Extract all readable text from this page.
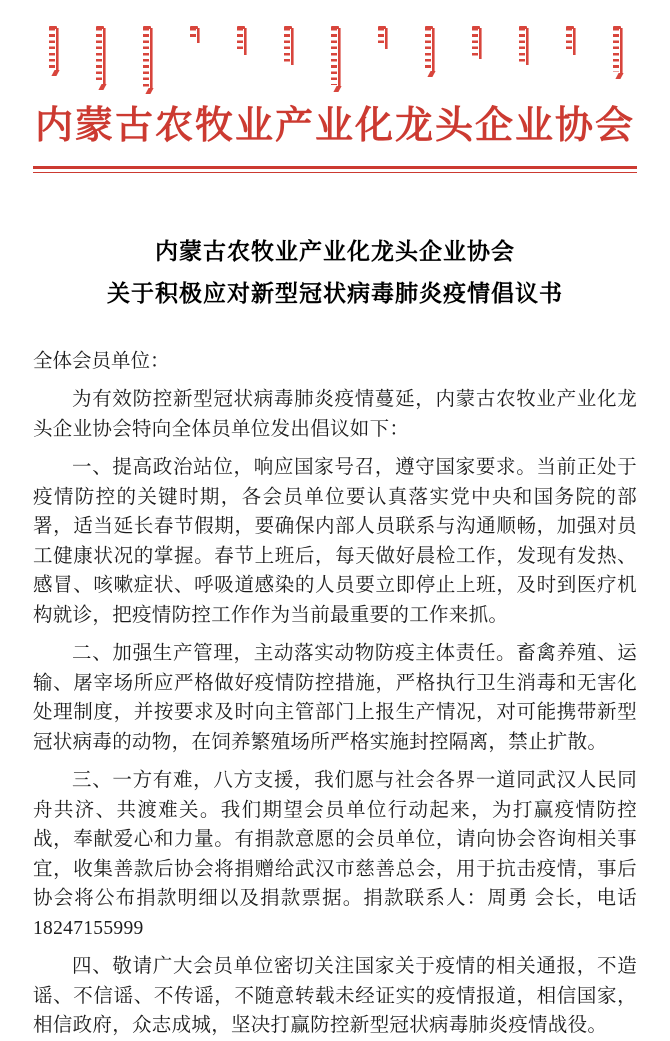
内蒙古农牧业产业化龙头企业协会
内蒙古农牧业产业化龙头企业协会
关于积极应对新型冠状病毒肺炎疫情倡议书

全体会员单位：

为有效防控新型冠状病毒肺炎疫情蔓延，内蒙古农牧业产业化龙头企业协会特向全体员单位发出倡议如下：

一、提高政治站位，响应国家号召，遵守国家要求。当前正处于疫情防控的关键时期，各会员单位要认真落实党中央和国务院的部署，适当延长春节假期，要确保内部人员联系与沟通顺畅，加强对员工健康状况的掌握。春节上班后，每天做好晨检工作，发现有发热、感冒、咳嗽症状、呼吸道感染的人员要立即停止上班，及时到医疗机构就诊，把疫情防控工作作为当前最重要的工作来抓。

二、加强生产管理，主动落实动物防疫主体责任。畜禽养殖、运输、屠宰场所应严格做好疫情防控措施，严格执行卫生消毒和无害化处理制度，并按要求及时向主管部门上报生产情况，对可能携带新型冠状病毒的动物，在饲养繁殖场所严格实施封控隔离，禁止扩散。

三、一方有难，八方支援，我们愿与社会各界一道同武汉人民同舟共济、共渡难关。我们期望会员单位行动起来，为打赢疫情防控战，奉献爱心和力量。有捐款意愿的会员单位，请向协会咨询相关事宜，收集善款后协会将捐赠给武汉市慈善总会，用于抗击疫情，事后协会将公布捐款明细以及捐款票据。捐款联系人：周勇 会长，电话 18247155999

四、敬请广大会员单位密切关注国家关于疫情的相关通报，不造谣、不信谣、不传谣，不随意转载未经证实的疫情报道，相信国家，相信政府，众志成城，坚决打赢防控新型冠状病毒肺炎疫情战役。
